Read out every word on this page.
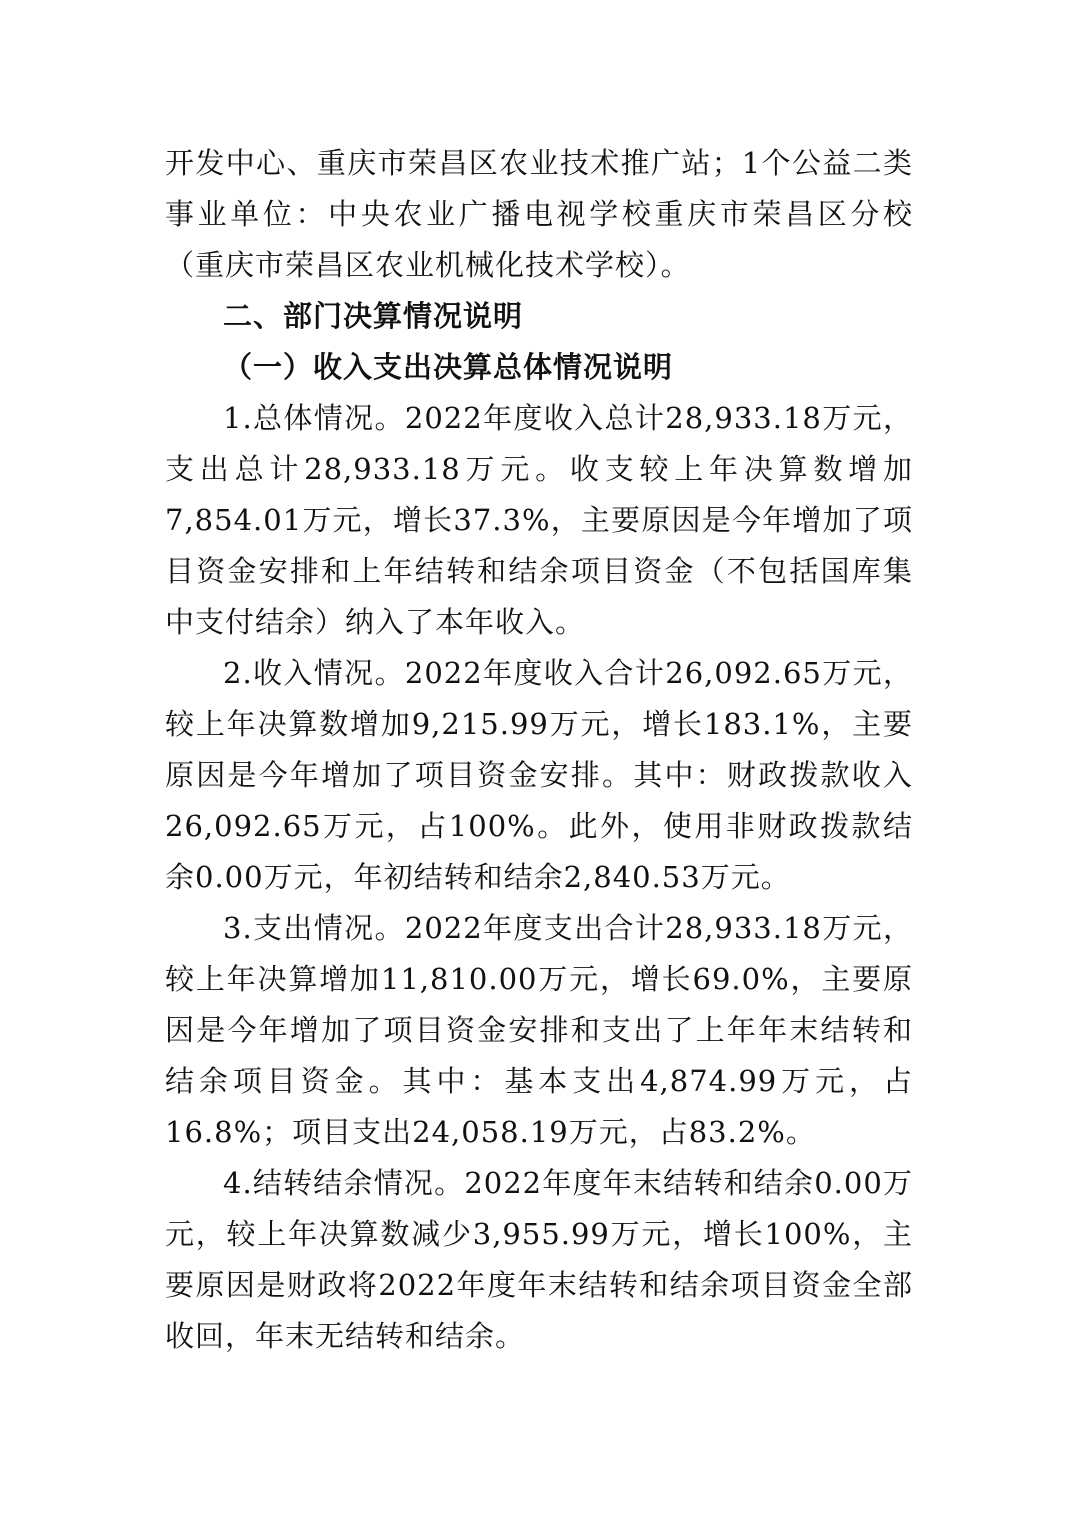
开发中心、重庆市荣昌区农业技术推广站；1个公益二类事业单位：中央农业广播电视学校重庆市荣昌区分校（重庆市荣昌区农业机械化技术学校）。

二、部门决算情况说明
（一）收入支出决算总体情况说明

1.总体情况。2022年度收入总计28,933.18万元，支出总计28,933.18万元。收支较上年决算数增加7,854.01万元，增长37.3%，主要原因是今年增加了项目资金安排和上年结转和结余项目资金（不包括国库集中支付结余）纳入了本年收入。

2.收入情况。2022年度收入合计26,092.65万元，较上年决算数增加9,215.99万元，增长183.1%，主要原因是今年增加了项目资金安排。其中：财政拨款收入26,092.65万元，占100%。此外，使用非财政拨款结余0.00万元，年初结转和结余2,840.53万元。

3.支出情况。2022年度支出合计28,933.18万元，较上年决算增加11,810.00万元，增长69.0%，主要原因是今年增加了项目资金安排和支出了上年年末结转和结余项目资金。其中：基本支出4,874.99万元，占16.8%；项目支出24,058.19万元，占83.2%。

4.结转结余情况。2022年度年末结转和结余0.00万元，较上年决算数减少3,955.99万元，增长100%，主要原因是财政将2022年度年末结转和结余项目资金全部收回，年末无结转和结余。
